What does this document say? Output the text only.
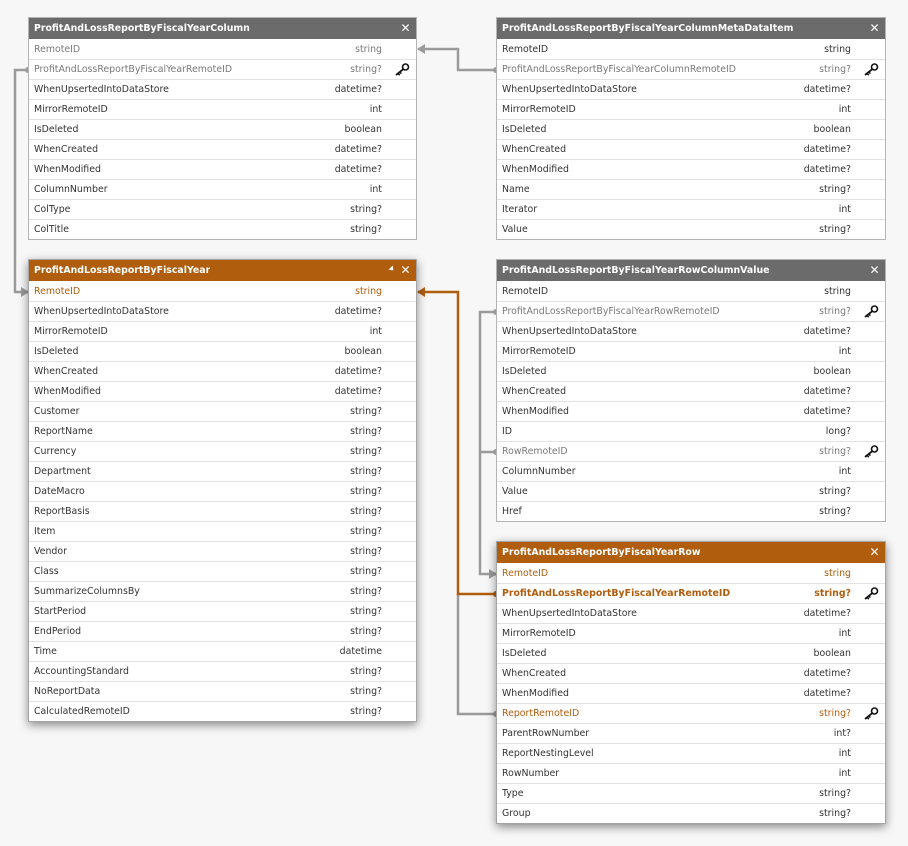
ProfitAndLossReportByFiscalYearColumn	✕
RemoteID	string
ProfitAndLossReportByFiscalYearRemoteID	string?
WhenUpsertedIntoDataStore	datetime?
MirrorRemoteID	int
IsDeleted	boolean
WhenCreated	datetime?
WhenModified	datetime?
ColumnNumber	int
ColType	string?
ColTitle	string?
ProfitAndLossReportByFiscalYearColumnMetaDataItem	✕
RemoteID	string
ProfitAndLossReportByFiscalYearColumnRemoteID	string?
WhenUpsertedIntoDataStore	datetime?
MirrorRemoteID	int
IsDeleted	boolean
WhenCreated	datetime?
WhenModified	datetime?
Name	string?
Iterator	int
Value	string?
ProfitAndLossReportByFiscalYear	✕
RemoteID	string
WhenUpsertedIntoDataStore	datetime?
MirrorRemoteID	int
IsDeleted	boolean
WhenCreated	datetime?
WhenModified	datetime?
Customer	string?
ReportName	string?
Currency	string?
Department	string?
DateMacro	string?
ReportBasis	string?
Item	string?
Vendor	string?
Class	string?
SummarizeColumnsBy	string?
StartPeriod	string?
EndPeriod	string?
Time	datetime
AccountingStandard	string?
NoReportData	string?
CalculatedRemoteID	string?
ProfitAndLossReportByFiscalYearRowColumnValue	✕
RemoteID	string
ProfitAndLossReportByFiscalYearRowRemoteID	string?
WhenUpsertedIntoDataStore	datetime?
MirrorRemoteID	int
IsDeleted	boolean
WhenCreated	datetime?
WhenModified	datetime?
ID	long?
RowRemoteID	string?
ColumnNumber	int
Value	string?
Href	string?
ProfitAndLossReportByFiscalYearRow	✕
RemoteID	string
ProfitAndLossReportByFiscalYearRemoteID	string?
WhenUpsertedIntoDataStore	datetime?
MirrorRemoteID	int
IsDeleted	boolean
WhenCreated	datetime?
WhenModified	datetime?
ReportRemoteID	string?
ParentRowNumber	int?
ReportNestingLevel	int
RowNumber	int
Type	string?
Group	string?
